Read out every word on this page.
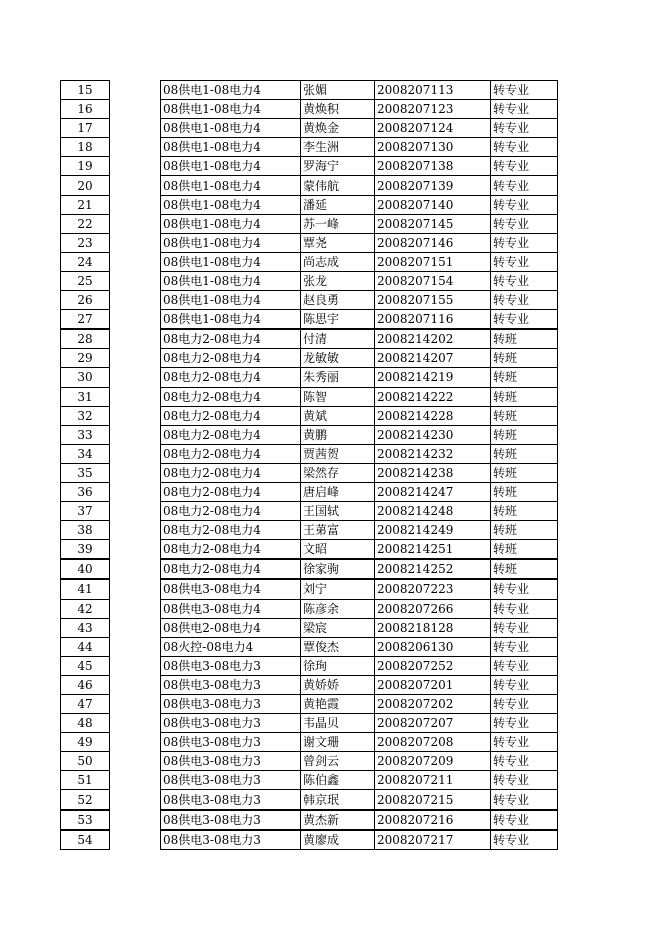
15		08供电1-08电力4	张媚	2008207113	转专业
16		08供电1-08电力4	黄焕积	2008207123	转专业
17		08供电1-08电力4	黄焕金	2008207124	转专业
18		08供电1-08电力4	李生洲	2008207130	转专业
19		08供电1-08电力4	罗海宁	2008207138	转专业
20		08供电1-08电力4	蒙伟航	2008207139	转专业
21		08供电1-08电力4	潘延	2008207140	转专业
22		08供电1-08电力4	苏一峰	2008207145	转专业
23		08供电1-08电力4	覃尧	2008207146	转专业
24		08供电1-08电力4	尚志成	2008207151	转专业
25		08供电1-08电力4	张龙	2008207154	转专业
26		08供电1-08电力4	赵良勇	2008207155	转专业
27		08供电1-08电力4	陈思宇	2008207116	转专业
28		08电力2-08电力4	付清	2008214202	转班
29		08电力2-08电力4	龙敏敏	2008214207	转班
30		08电力2-08电力4	朱秀丽	2008214219	转班
31		08电力2-08电力4	陈智	2008214222	转班
32		08电力2-08电力4	黄斌	2008214228	转班
33		08电力2-08电力4	黄鹏	2008214230	转班
34		08电力2-08电力4	贾茜贺	2008214232	转班
35		08电力2-08电力4	梁然存	2008214238	转班
36		08电力2-08电力4	唐启峰	2008214247	转班
37		08电力2-08电力4	王国轼	2008214248	转班
38		08电力2-08电力4	王苐富	2008214249	转班
39		08电力2-08电力4	文昭	2008214251	转班
40		08电力2-08电力4	徐家驹	2008214252	转班
41		08供电3-08电力4	刘宁	2008207223	转专业
42		08供电3-08电力4	陈彦余	2008207266	转专业
43		08供电2-08电力4	梁宸	2008218128	转专业
44		08火控-08电力4	覃俊杰	2008206130	转专业
45		08供电3-08电力3	徐珣	2008207252	转专业
46		08供电3-08电力3	黄娇娇	2008207201	转专业
47		08供电3-08电力3	黄艳霞	2008207202	转专业
48		08供电3-08电力3	韦晶贝	2008207207	转专业
49		08供电3-08电力3	谢文珊	2008207208	转专业
50		08供电3-08电力3	曾剑云	2008207209	转专业
51		08供电3-08电力3	陈伯鑫	2008207211	转专业
52		08供电3-08电力3	韩京珉	2008207215	转专业
53		08供电3-08电力3	黄杰新	2008207216	转专业
54		08供电3-08电力3	黄廖成	2008207217	转专业
